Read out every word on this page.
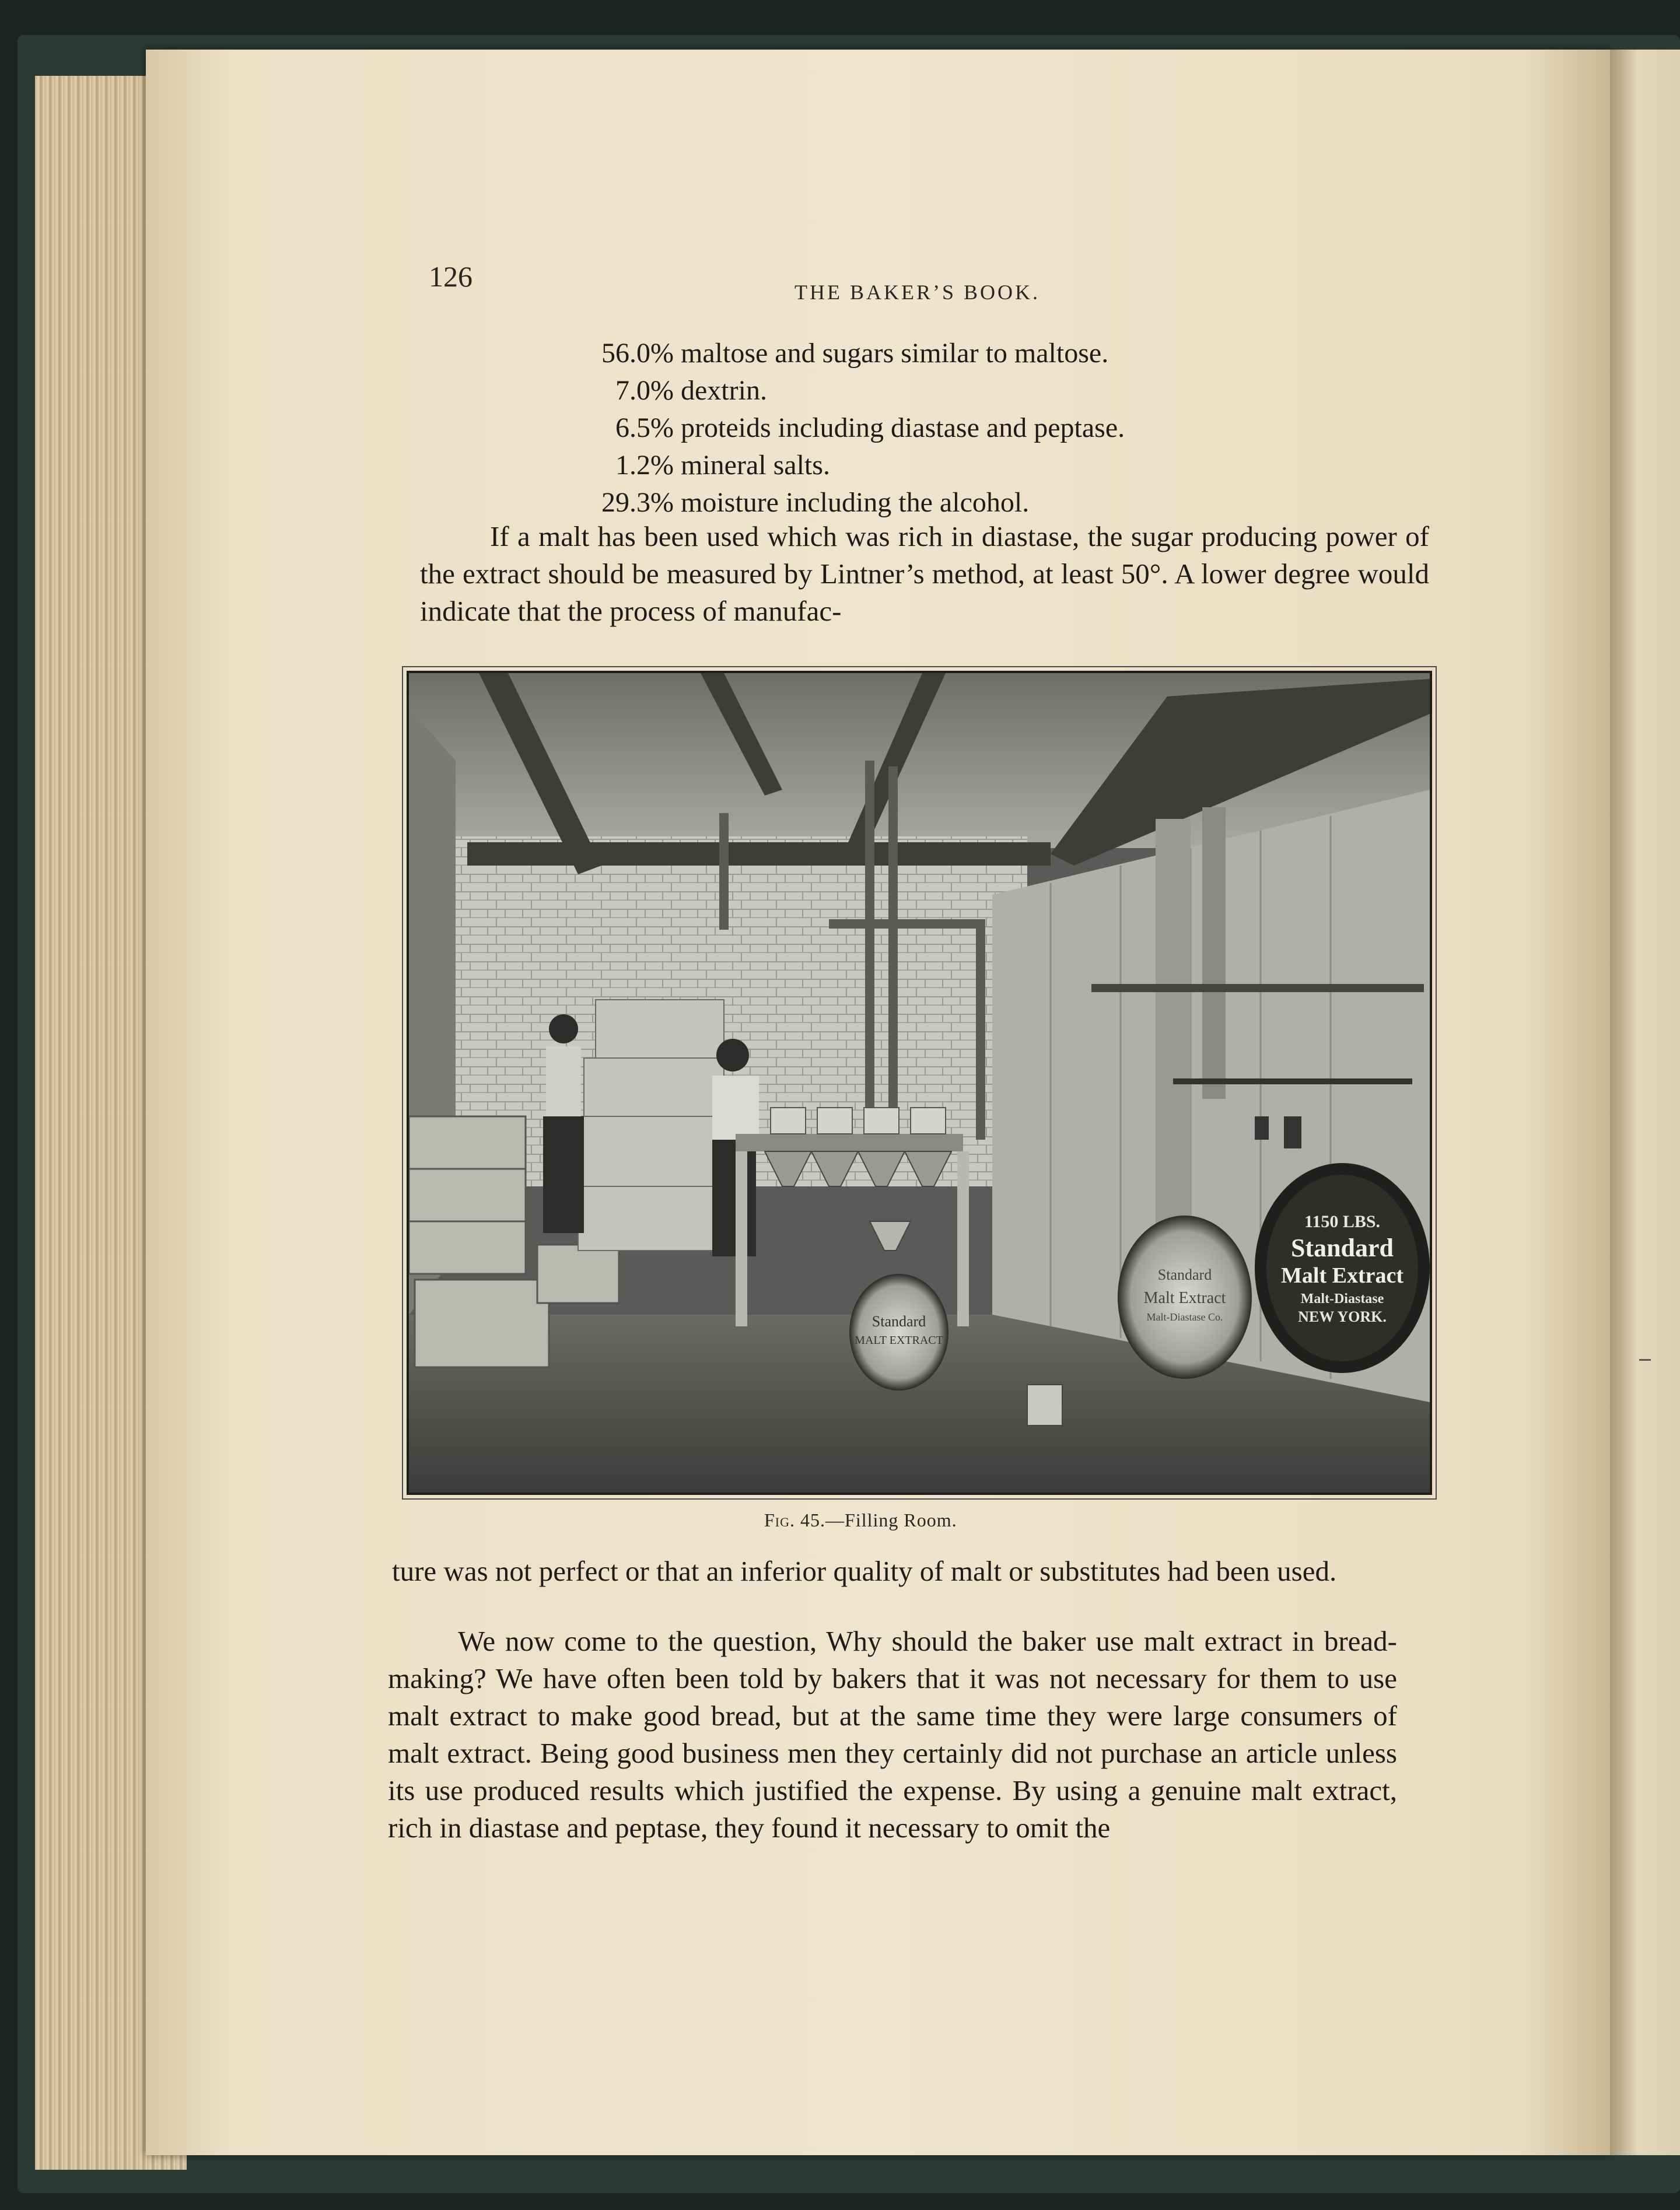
126	THE BAKER’S BOOK.
56.0% maltose and sugars similar to maltose.
7.0% dextrin.
6.5% proteids including diastase and peptase.
1.2% mineral salts.
29.3% moisture including the alcohol.

If a malt has been used which was rich in diastase, the sugar producing power of the extract should be measured by Lintner’s method, at least 50°. A lower degree would indicate that the process of manufac-

Standard
MALT EXTRACT
Standard
Malt Extract
Malt-Diastase Co.
1150 LBS.
Standard
Malt Extract
Malt-Diastase
NEW YORK.
Fig. 45.—Filling Room.

ture was not perfect or that an inferior quality of malt or substitutes had been used.

We now come to the question, Why should the baker use malt extract in bread-making? We have often been told by bakers that it was not necessary for them to use malt extract to make good bread, but at the same time they were large consumers of malt extract. Being good business men they certainly did not purchase an article unless its use produced results which justified the expense. By using a genuine malt extract, rich in diastase and peptase, they found it necessary to omit the
